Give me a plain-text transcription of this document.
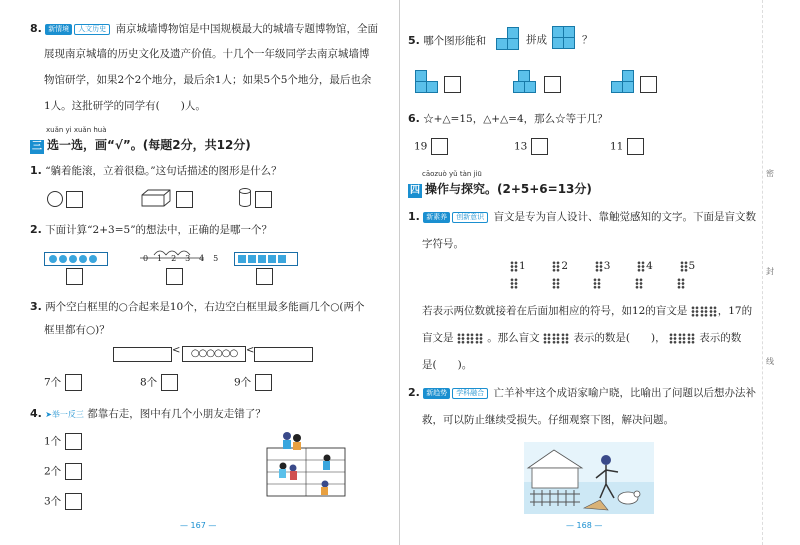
8. 新情境 人文历史 南京城墙博物馆是中国规模最大的城墙专题博物馆，全面
展现南京城墙的历史文化及遗产价值。十几个一年级同学去南京城墙博
物馆研学，如果2个2个地分，最后余1人；如果5个5个地分，最后也余
1人。这批研学的同学有(　　)人。
xuǎn yi xuǎn huà
三 选一选，画“√”。(每题2分，共12分)
1. “躺着能滚，立着很稳。”这句话描述的图形是什么？
2. 下面计算“2+3=5”的想法中，正确的是哪一个？
0 1 2 3 4 5
3. 两个空白框里的○合起来是10个，右边空白框里最多能画几个○(两个
框里都有○)？
<	○○○○○○ <
7个	8个	9个
4. ➤举一反三 都靠右走，图中有几个小朋友走错了？
1个
2个
3个
— 167 —
5. 哪个图形能和	拼成	？
6. ☆+△=15，△+△=4，那么☆等于几？
19	13	11
cāozuò yǔ tàn jiū
四 操作与探究。(2+5+6=13分)
1. 新素养 创新意识 盲文是专为盲人设计、靠触觉感知的文字。下面是盲文数
字符号。
1	2	3	4	5

若表示两位数就接着在后面加相应的符号，如12的盲文是	，17的
盲文是	。那么盲文	表示的数是(　　)，	表示的数
是(　　)。
2. 新趋势 学科融合 亡羊补牢这个成语家喻户晓，比喻出了问题以后想办法补
救，可以防止继续受损失。仔细观察下图，解决问题。
密
封
线
— 168 —
